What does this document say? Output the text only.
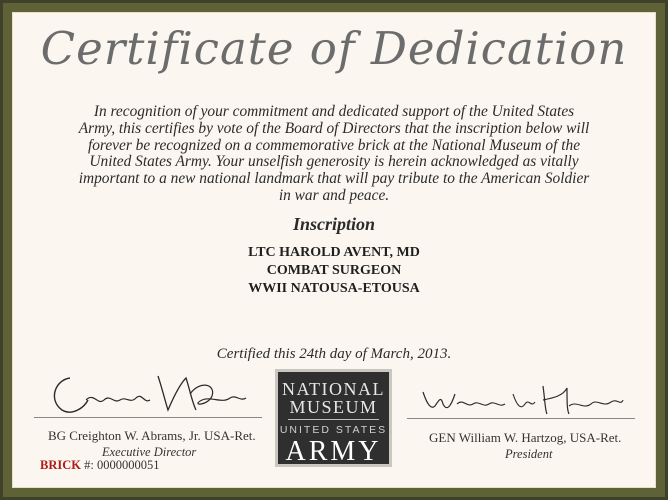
Certificate of Dedication
In recognition of your commitment and dedicated support of the United States
Army, this certifies by vote of the Board of Directors that the inscription below will
forever be recognized on a commemorative brick at the National Museum of the
United States Army. Your unselfish generosity is herein acknowledged as vitally
important to a new national landmark that will pay tribute to the American Soldier
in war and peace.
Inscription
LTC HAROLD AVENT, MD
COMBAT SURGEON
WWII NATOUSA-ETOUSA
Certified this 24th day of March, 2013.
BG Creighton W. Abrams, Jr. USA-Ret.
Executive Director
NATIONAL
MUSEUM
UNITED STATES
ARMY	GEN William W. Hartzog, USA-Ret.
President
BRICK #: 0000000051
